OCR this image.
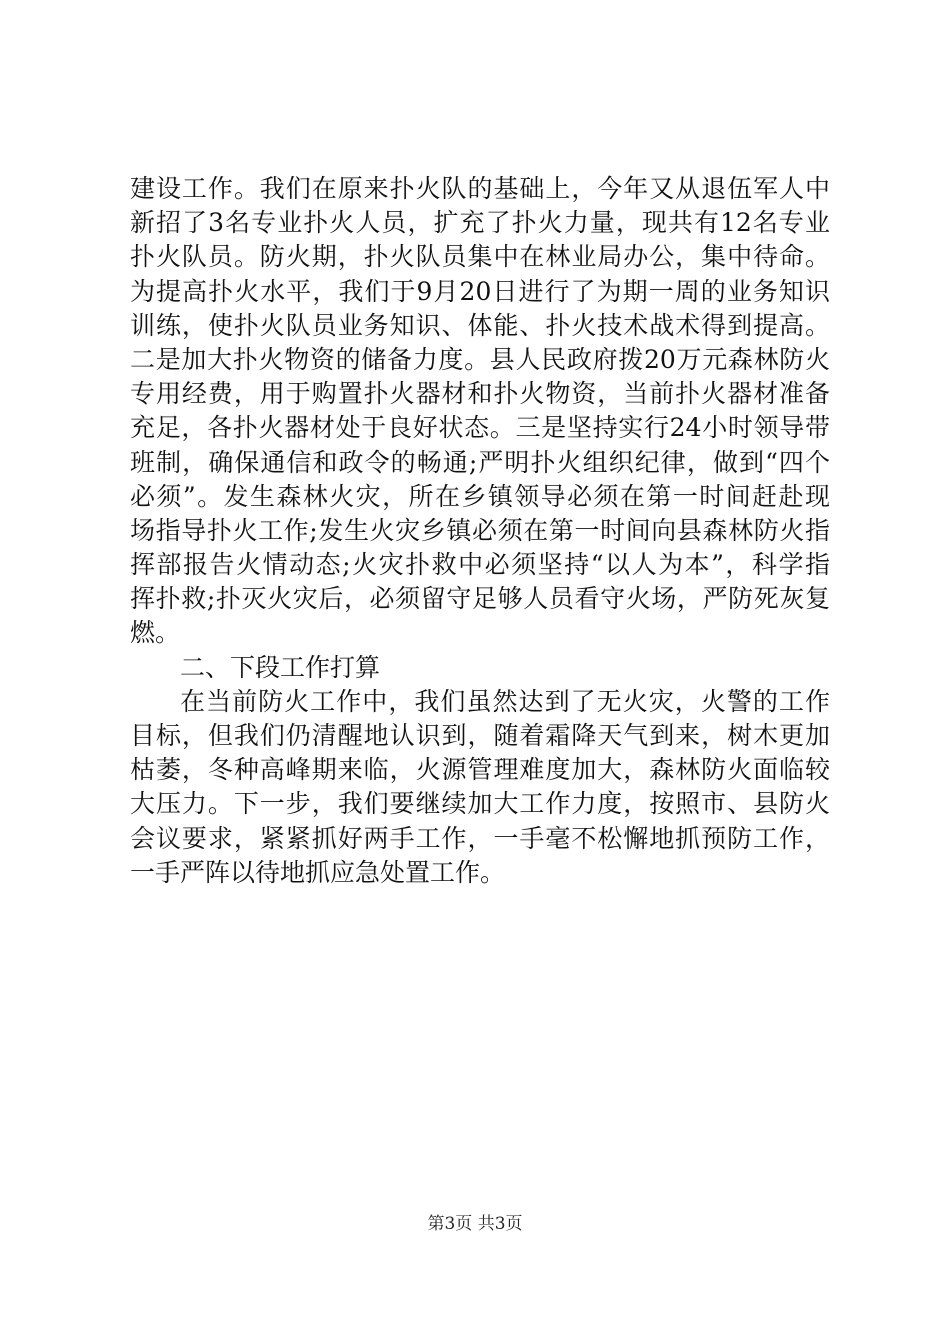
建设工作。我们在原来扑火队的基础上，今年又从退伍军人中
新招了3名专业扑火人员，扩充了扑火力量，现共有12名专业
扑火队员。防火期，扑火队员集中在林业局办公，集中待命。
为提高扑火水平，我们于9月20日进行了为期一周的业务知识
训练，使扑火队员业务知识、体能、扑火技术战术得到提高。
二是加大扑火物资的储备力度。县人民政府拨20万元森林防火
专用经费，用于购置扑火器材和扑火物资，当前扑火器材准备
充足，各扑火器材处于良好状态。三是坚持实行24小时领导带
班制，确保通信和政令的畅通;严明扑火组织纪律，做到“四个
必须”。发生森林火灾，所在乡镇领导必须在第一时间赶赴现
场指导扑火工作;发生火灾乡镇必须在第一时间向县森林防火指
挥部报告火情动态;火灾扑救中必须坚持“以人为本”，科学指
挥扑救;扑灭火灾后，必须留守足够人员看守火场，严防死灰复
燃。
二、下段工作打算
在当前防火工作中，我们虽然达到了无火灾，火警的工作
目标，但我们仍清醒地认识到，随着霜降天气到来，树木更加
枯萎，冬种高峰期来临，火源管理难度加大，森林防火面临较
大压力。下一步，我们要继续加大工作力度，按照市、县防火
会议要求，紧紧抓好两手工作，一手毫不松懈地抓预防工作，
一手严阵以待地抓应急处置工作。
第3页 共3页
